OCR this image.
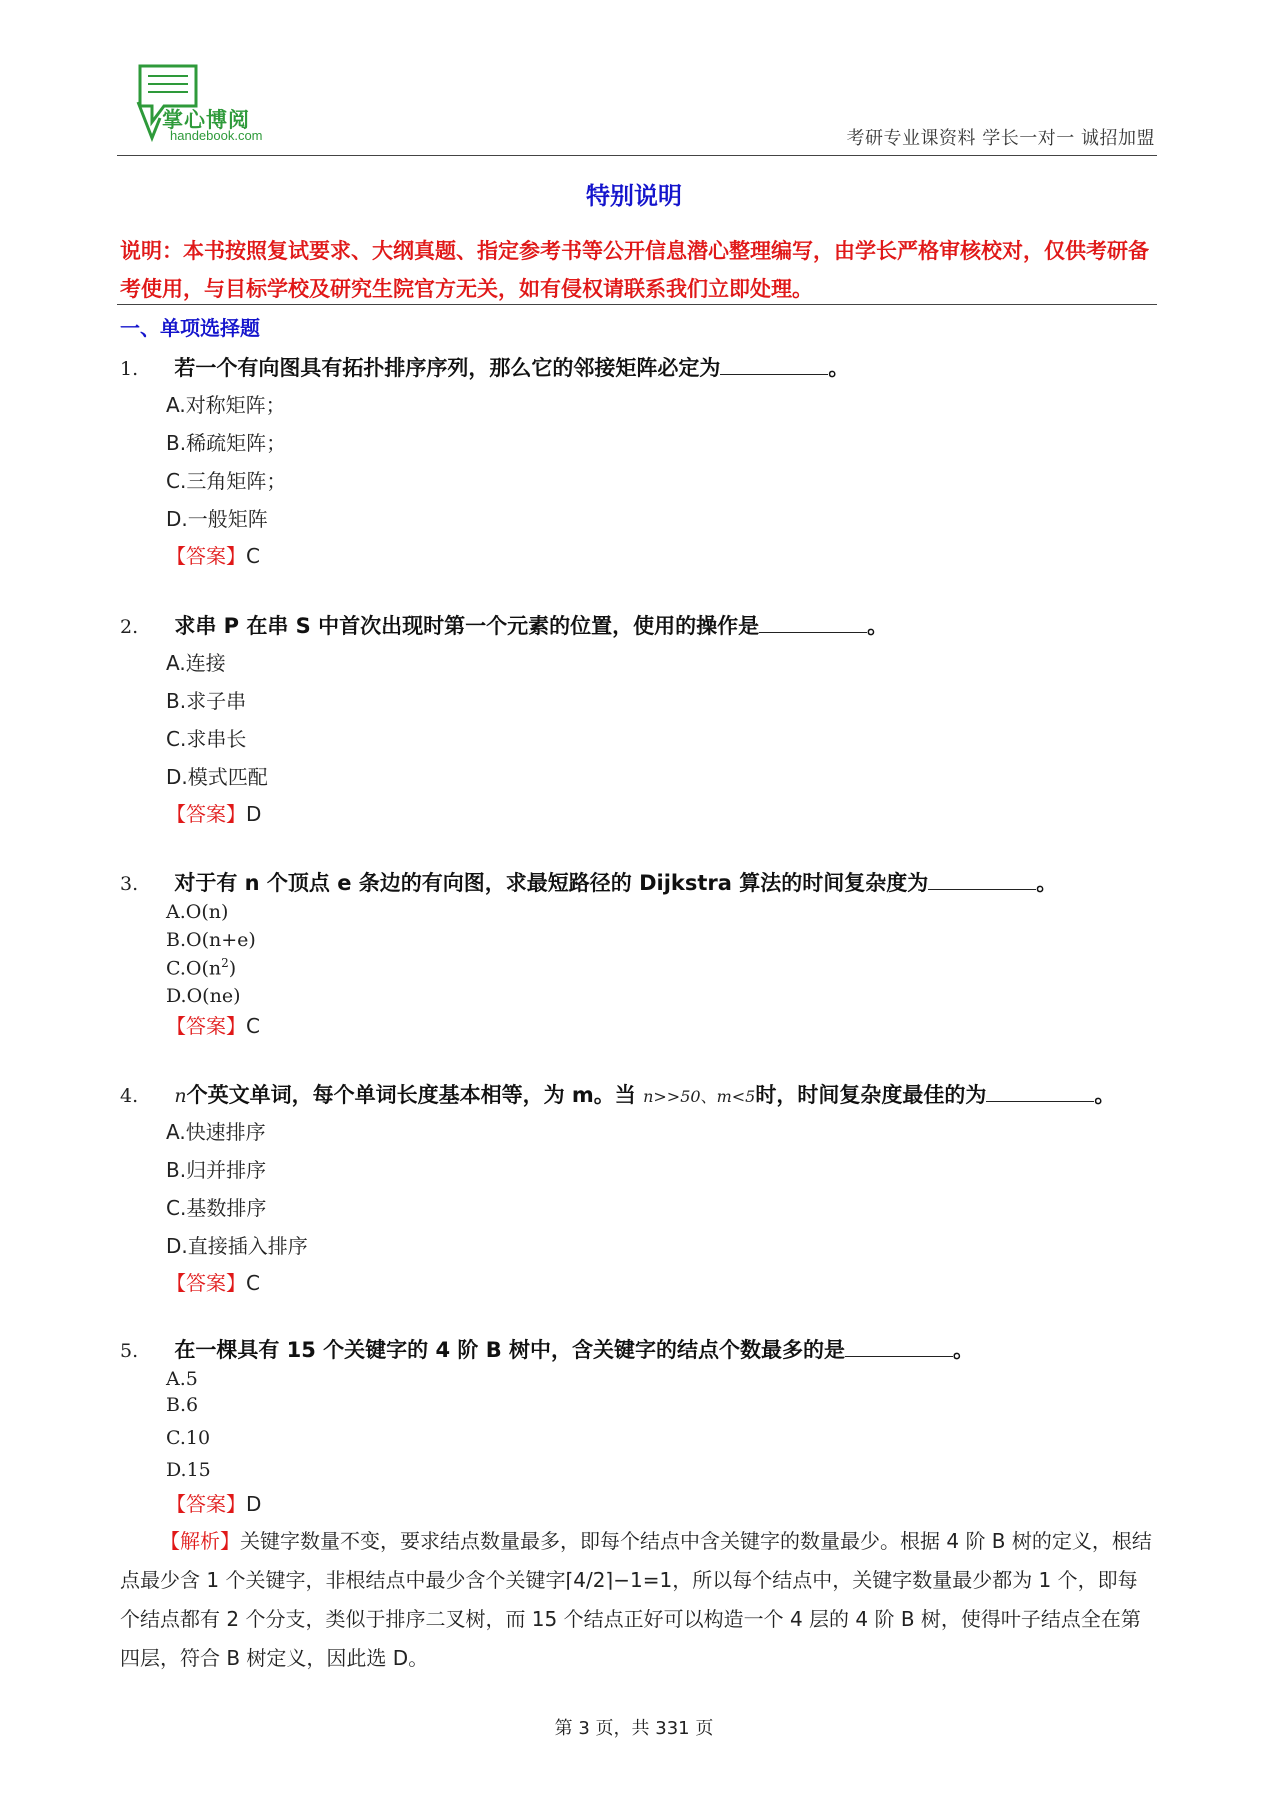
掌心博阅
handebook.com	考研专业课资料 学长一对一 诚招加盟
特别说明
说明：本书按照复试要求、大纲真题、指定参考书等公开信息潜心整理编写，由学长严格审核校对，仅供考研备考使用，与目标学校及研究生院官方无关，如有侵权请联系我们立即处理。
一、单项选择题
1. 若一个有向图具有拓扑排序序列，那么它的邻接矩阵必定为	。
A.对称矩阵；
B.稀疏矩阵；
C.三角矩阵；
D.一般矩阵
【答案】C
2. 求串 P 在串 S 中首次出现时第一个元素的位置，使用的操作是	。
A.连接
B.求子串
C.求串长
D.模式匹配
【答案】D
3. 对于有 n 个顶点 e 条边的有向图，求最短路径的 Dijkstra 算法的时间复杂度为	。
A.O(n)
B.O(n+e)
$C.O(n^2)$
D.O(ne)
【答案】C
4. n个英文单词，每个单词长度基本相等，为 m。当 n>>50、m<5时，时间复杂度最佳的为	。
A.快速排序
B.归并排序
C.基数排序
D.直接插入排序
【答案】C
5. 在一棵具有 15 个关键字的 4 阶 B 树中，含关键字的结点个数最多的是	。
A.5
B.6
C.10
D.15
【答案】D
【解析】关键字数量不变，要求结点数量最多，即每个结点中含关键字的数量最少。根据 4 阶 B 树的定义，根结点最少含 1 个关键字，非根结点中最少含个关键字⌈4/2⌉−1=1，所以每个结点中，关键字数量最少都为 1 个，即每个结点都有 2 个分支，类似于排序二叉树，而 15 个结点正好可以构造一个 4 层的 4 阶 B 树，使得叶子结点全在第四层，符合 B 树定义，因此选 D。
第 3 页，共 331 页
